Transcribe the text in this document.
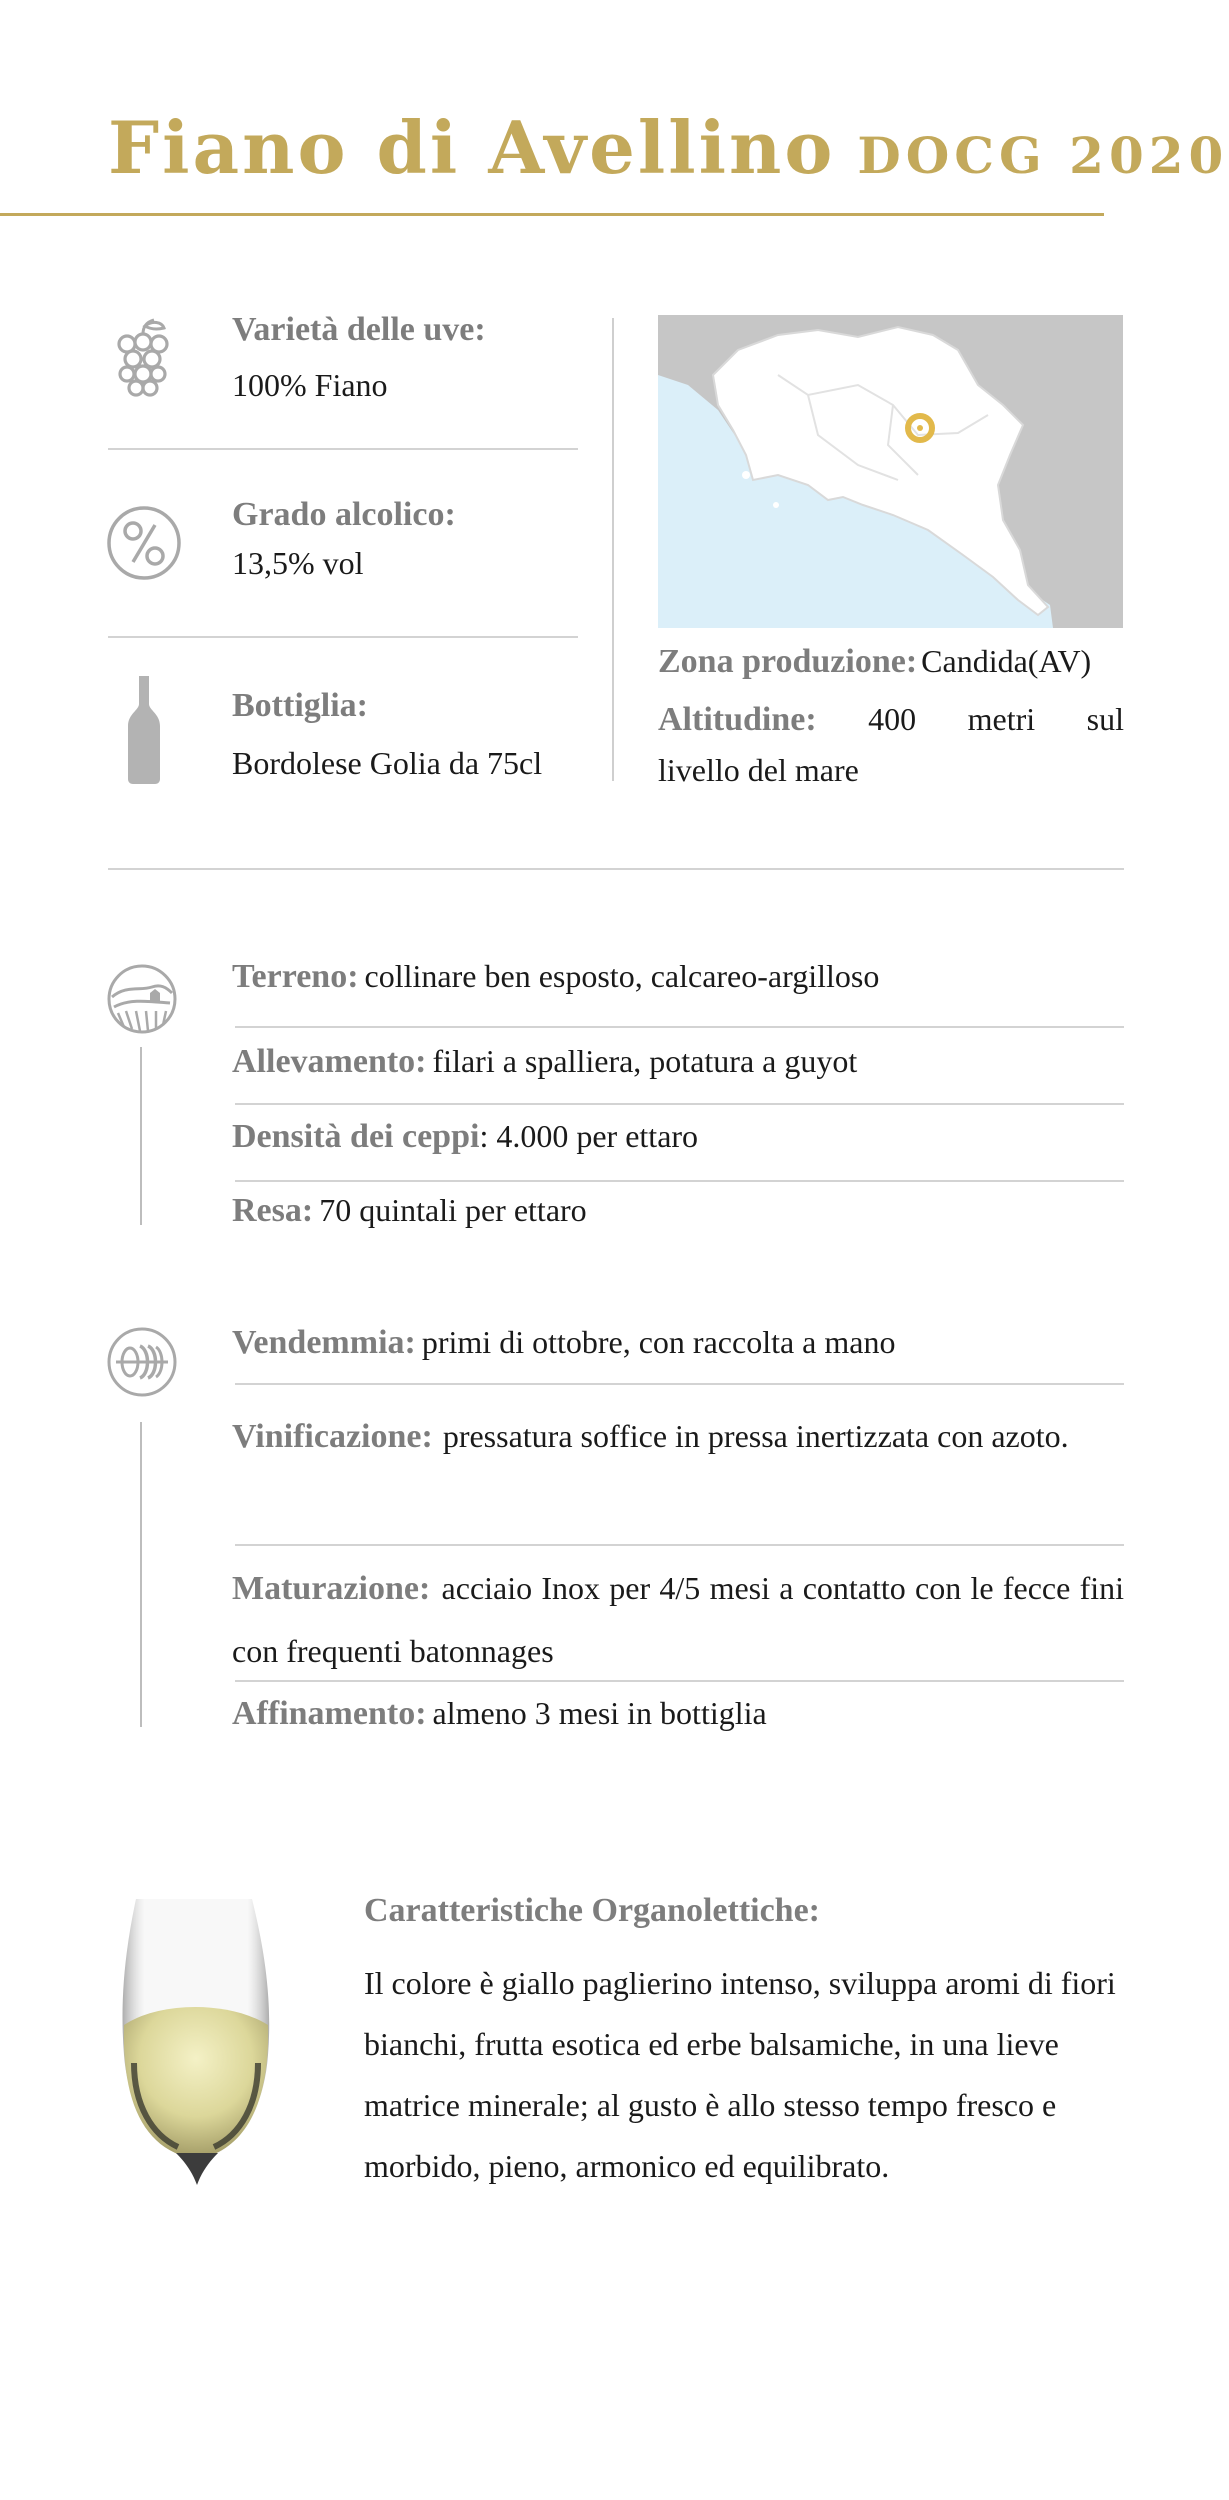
Fiano di Avellino DOCG 2020
Varietà delle uve:
100% Fiano
Grado alcolico:
13,5% vol
Bottiglia:
Bordolese Golia da 75cl
Zona produzione: Candida(AV)
Altitudine: 400 metri sul
livello del mare
Terreno: collinare ben esposto, calcareo-argilloso
Allevamento: filari a spalliera, potatura a guyot
Densità dei ceppi: 4.000 per ettaro
Resa: 70 quintali per ettaro
Vendemmia: primi di ottobre, con raccolta a mano
Vinificazione: pressatura soffice in pressa inertizzata con azoto.
Maturazione: acciaio Inox per 4/5 mesi a contatto con le fecce fini con frequenti batonnages
Affinamento: almeno 3 mesi in bottiglia
Caratteristiche Organolettiche:
Il colore è giallo paglierino intenso, sviluppa aromi di fiori bianchi, frutta esotica ed erbe balsamiche, in una lieve matrice minerale; al gusto è allo stesso tempo fresco e morbido, pieno, armonico ed equilibrato.
